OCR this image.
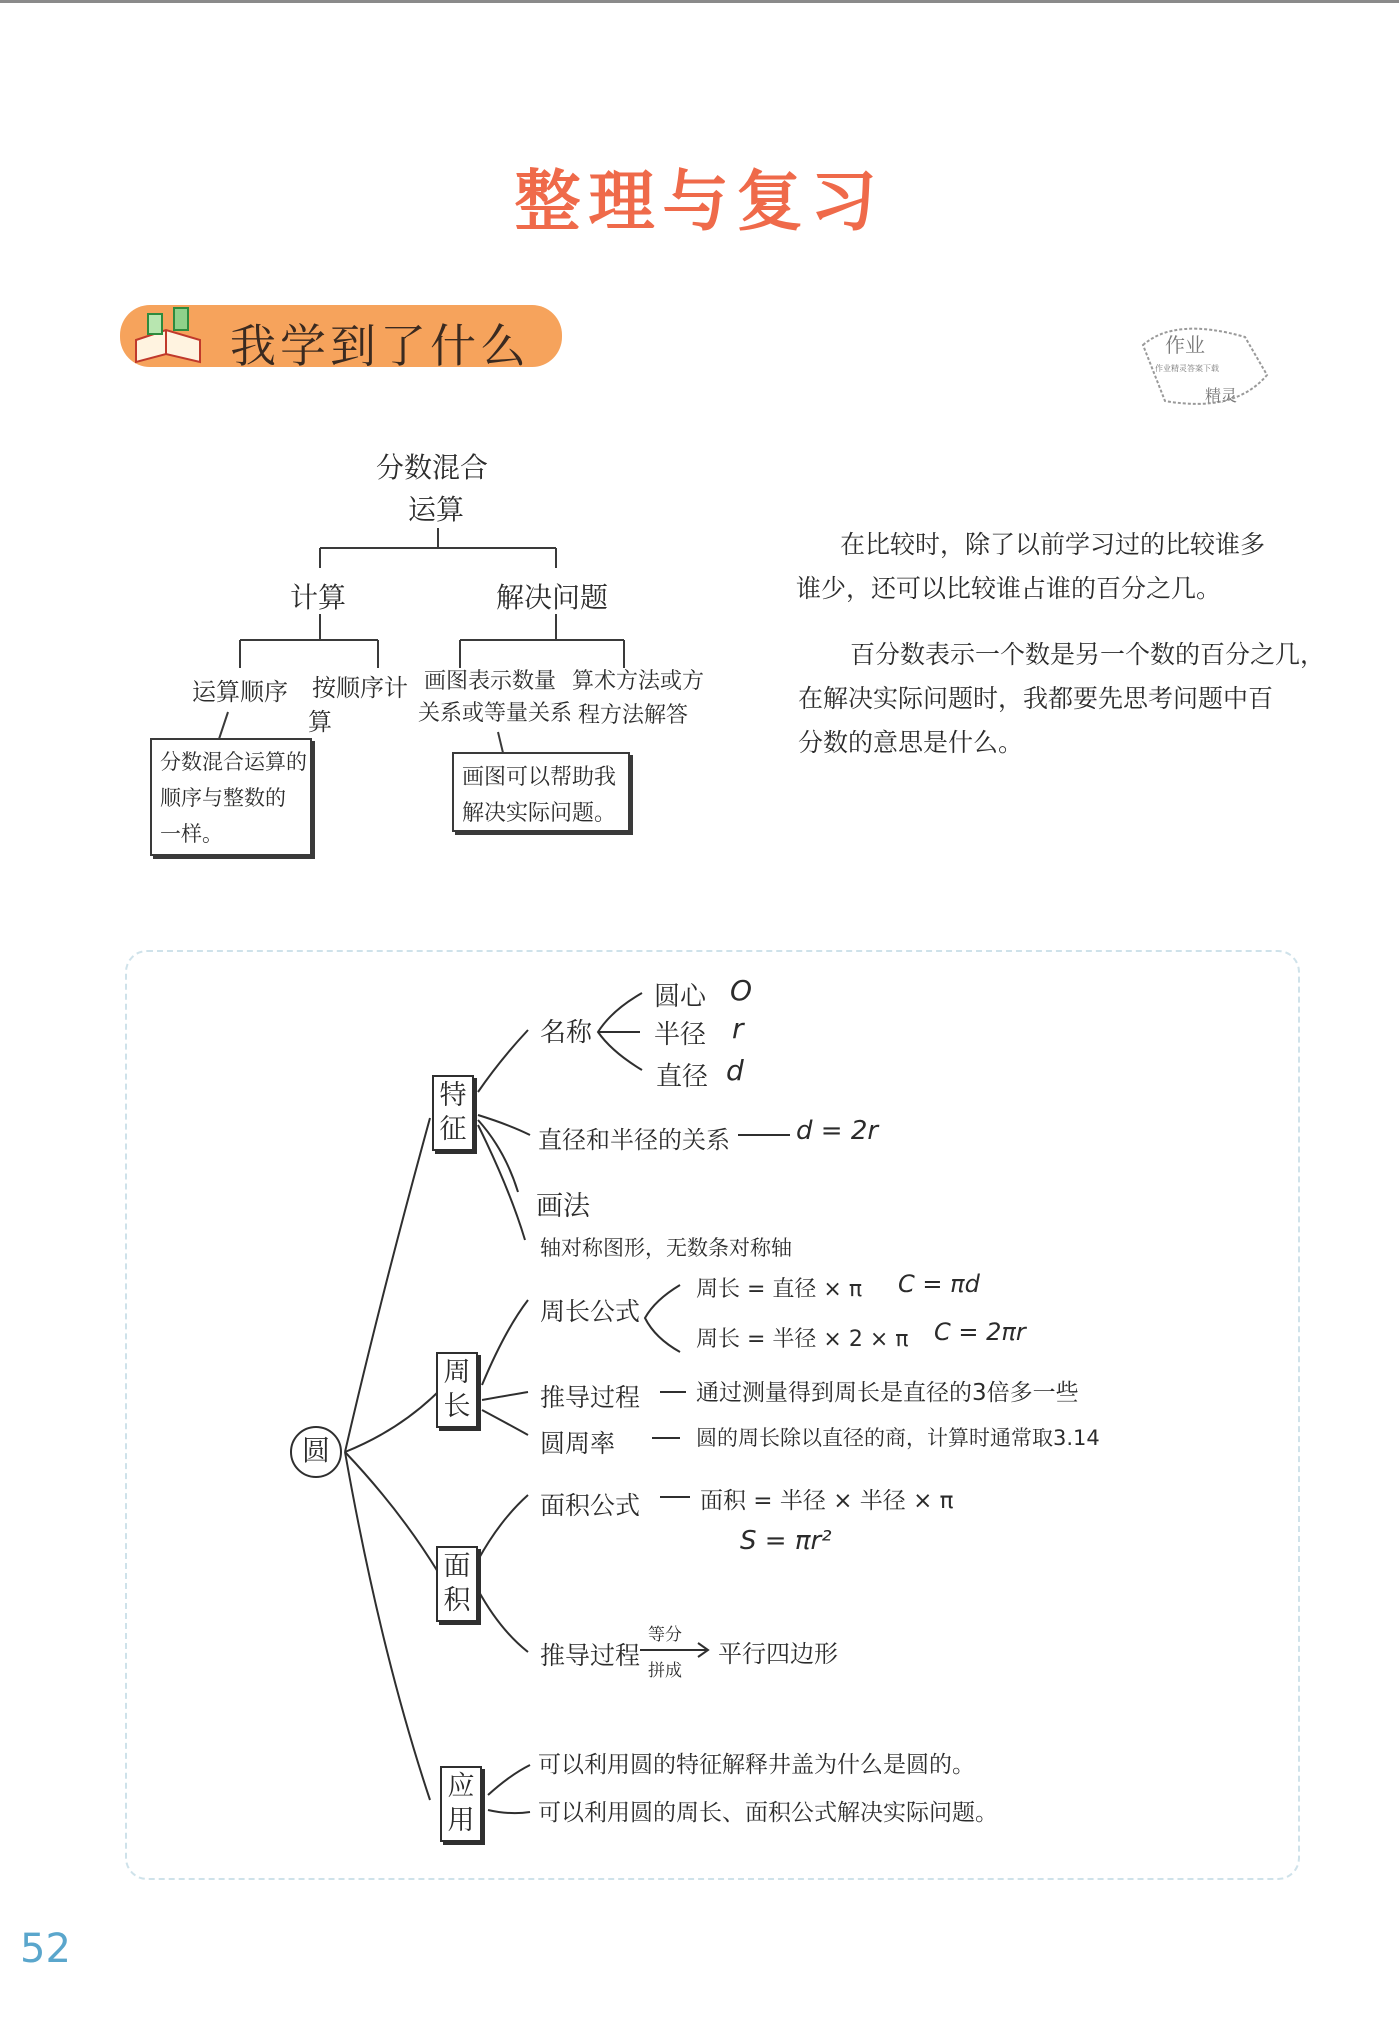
整理与复习
我学到了什么	作业
作业精灵答案下载
精灵
分数混合
运算
计算	解决问题
运算顺序 按顺序计
算
画图表示数量
关系或等量关系
算术方法或方
程方法解答
分数混合运算的
顺序与整数的
一样。
画图可以帮助我
解决实际问题。
在比较时，除了以前学习过的比较谁多
谁少，还可以比较谁占谁的百分之几。
百分数表示一个数是另一个数的百分之几，
在解决实际问题时，我都要先思考问题中百
分数的意思是什么。
圆
特征
周长
面积
应用
名称
圆心 O
半径 r
直径 d
直径和半径的关系	d = 2r
画法
轴对称图形，无数条对称轴
周长公式
周长 = 直径 × π C = πd
周长 = 半径 × 2 × π C = 2πr
推导过程 通过测量得到周长是直径的3倍多一些
圆周率	圆的周长除以直径的商，计算时通常取3.14
面积公式	面积 = 半径 × 半径 × π
S = πr²
推导过程
等分
拼成
平行四边形
可以利用圆的特征解释井盖为什么是圆的。
可以利用圆的周长、面积公式解决实际问题。
52
